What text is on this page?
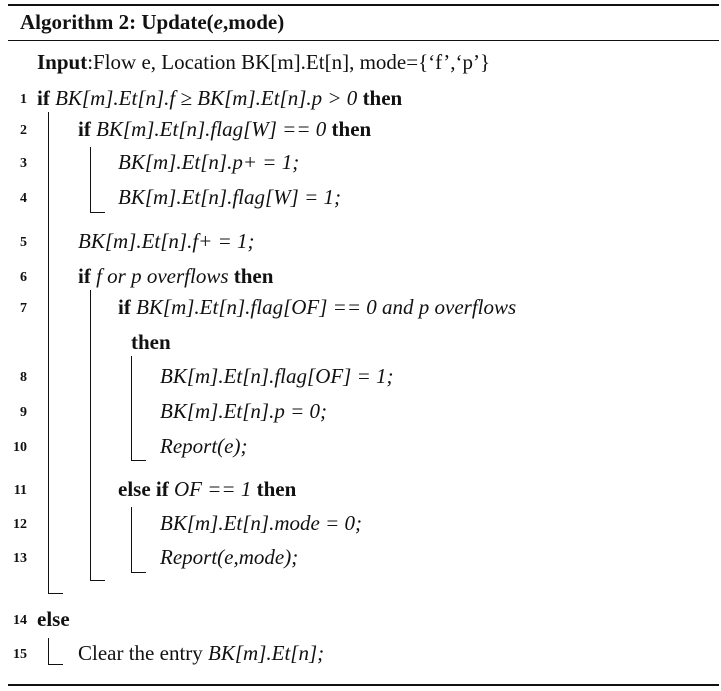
Algorithm 2: Update(e,mode)
Input:Flow e, Location BK[m].Et[n], mode={‘f’,‘p’}
1 if BK[m].Et[n].f ≥ BK[m].Et[n].p > 0 then
2 if BK[m].Et[n].flag[W] == 0 then
3	BK[m].Et[n].p+ = 1;
4	BK[m].Et[n].flag[W] = 1;
5 BK[m].Et[n].f+ = 1;
6 if f or p overflows then
7	if BK[m].Et[n].flag[OF] == 0 and p overflows
then
8	BK[m].Et[n].flag[OF] = 1;
9	BK[m].Et[n].p = 0;
10	Report(e);
11	else if OF == 1 then
12	BK[m].Et[n].mode = 0;
13	Report(e,mode);
14 else
15 Clear the entry BK[m].Et[n];
